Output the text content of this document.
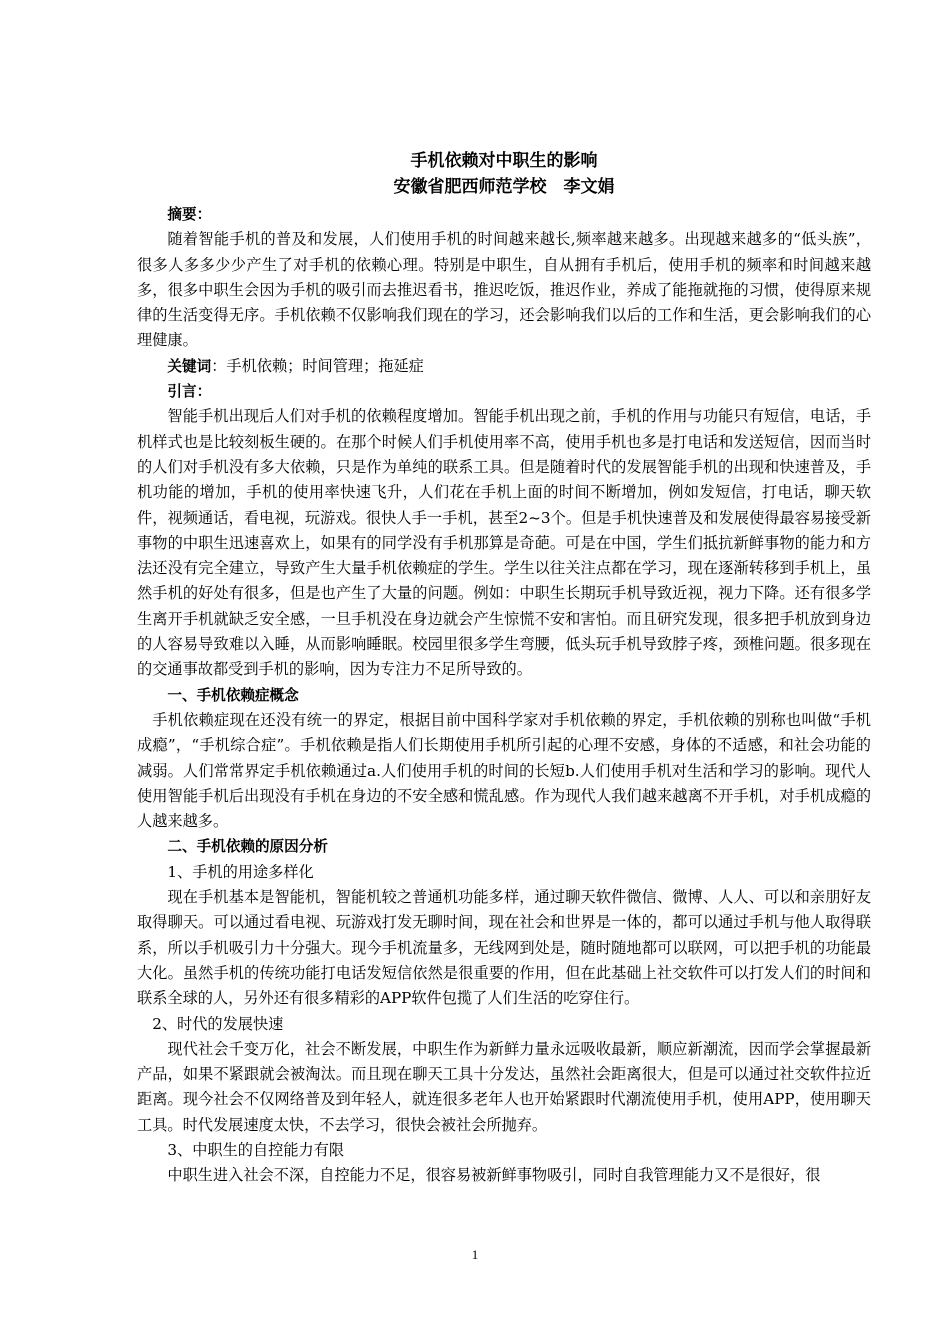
手机依赖对中职生的影响
安徽省肥西师范学校　李文娟

摘要：

随着智能手机的普及和发展，人们使用手机的时间越来越长,频率越来越多。出现越来越多的“低头族”，很多人多多少少产生了对手机的依赖心理。特别是中职生，自从拥有手机后，使用手机的频率和时间越来越多，很多中职生会因为手机的吸引而去推迟看书，推迟吃饭，推迟作业，养成了能拖就拖的习惯，使得原来规律的生活变得无序。手机依赖不仅影响我们现在的学习，还会影响我们以后的工作和生活，更会影响我们的心理健康。

关键词：手机依赖；时间管理；拖延症

引言：

智能手机出现后人们对手机的依赖程度增加。智能手机出现之前，手机的作用与功能只有短信，电话，手机样式也是比较刻板生硬的。在那个时候人们手机使用率不高，使用手机也多是打电话和发送短信，因而当时的人们对手机没有多大依赖，只是作为单纯的联系工具。但是随着时代的发展智能手机的出现和快速普及，手机功能的增加，手机的使用率快速飞升，人们花在手机上面的时间不断增加，例如发短信，打电话，聊天软件，视频通话，看电视，玩游戏。很快人手一手机，甚至2~3个。但是手机快速普及和发展使得最容易接受新事物的中职生迅速喜欢上，如果有的同学没有手机那算是奇葩。可是在中国，学生们抵抗新鲜事物的能力和方法还没有完全建立，导致产生大量手机依赖症的学生。学生以往关注点都在学习，现在逐渐转移到手机上，虽然手机的好处有很多，但是也产生了大量的问题。例如：中职生长期玩手机导致近视，视力下降。还有很多学生离开手机就缺乏安全感，一旦手机没在身边就会产生惊慌不安和害怕。而且研究发现，很多把手机放到身边的人容易导致难以入睡，从而影响睡眠。校园里很多学生弯腰，低头玩手机导致脖子疼，颈椎问题。很多现在的交通事故都受到手机的影响，因为专注力不足所导致的。

一、手机依赖症概念

手机依赖症现在还没有统一的界定，根据目前中国科学家对手机依赖的界定，手机依赖的别称也叫做“手机成瘾”，“手机综合症”。手机依赖是指人们长期使用手机所引起的心理不安感，身体的不适感，和社会功能的减弱。人们常常界定手机依赖通过a.人们使用手机的时间的长短b.人们使用手机对生活和学习的影响。现代人使用智能手机后出现没有手机在身边的不安全感和慌乱感。作为现代人我们越来越离不开手机，对手机成瘾的人越来越多。

二、手机依赖的原因分析

1、手机的用途多样化

现在手机基本是智能机，智能机较之普通机功能多样，通过聊天软件微信、微博、人人、可以和亲朋好友取得聊天。可以通过看电视、玩游戏打发无聊时间，现在社会和世界是一体的，都可以通过手机与他人取得联系，所以手机吸引力十分强大。现今手机流量多，无线网到处是，随时随地都可以联网，可以把手机的功能最大化。虽然手机的传统功能打电话发短信依然是很重要的作用，但在此基础上社交软件可以打发人们的时间和联系全球的人，另外还有很多精彩的APP软件包揽了人们生活的吃穿住行。

2、时代的发展快速

现代社会千变万化，社会不断发展，中职生作为新鲜力量永远吸收最新，顺应新潮流，因而学会掌握最新产品，如果不紧跟就会被淘汰。而且现在聊天工具十分发达，虽然社会距离很大，但是可以通过社交软件拉近距离。现今社会不仅网络普及到年轻人，就连很多老年人也开始紧跟时代潮流使用手机，使用APP，使用聊天工具。时代发展速度太快，不去学习，很快会被社会所抛弃。

3、中职生的自控能力有限

中职生进入社会不深，自控能力不足，很容易被新鲜事物吸引，同时自我管理能力又不是很好，很

1
